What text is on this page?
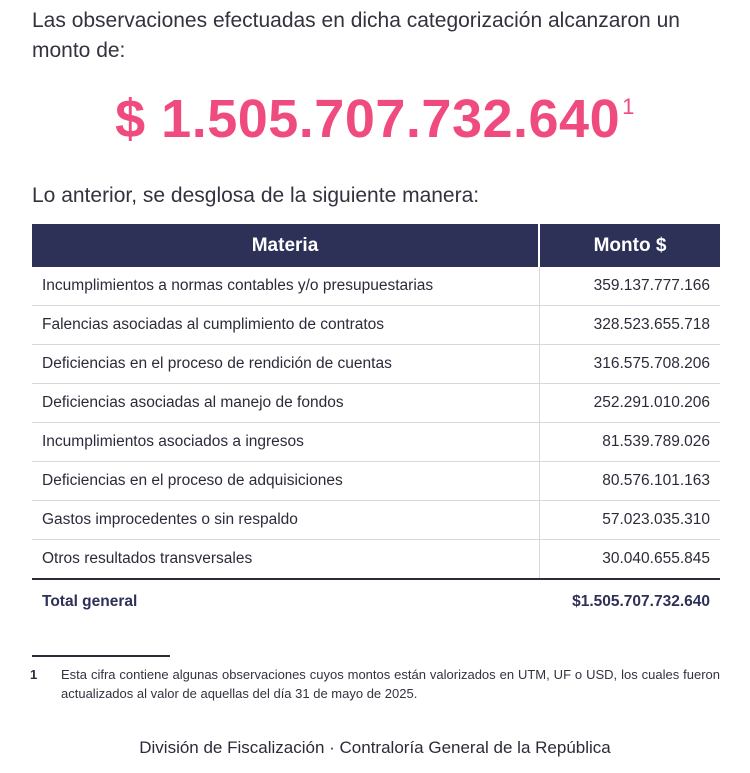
Las observaciones efectuadas en dicha categorización alcanzaron un monto de:

$ 1.505.707.732.640$^1$

Lo anterior, se desglosa de la siguiente manera:

Materia	Monto $
Incumplimientos a normas contables y/o presupuestarias	359.137.777.166
Falencias asociadas al cumplimiento de contratos	328.523.655.718
Deficiencias en el proceso de rendición de cuentas	316.575.708.206
Deficiencias asociadas al manejo de fondos	252.291.010.206
Incumplimientos asociados a ingresos	81.539.789.026
Deficiencias en el proceso de adquisiciones	80.576.101.163
Gastos improcedentes o sin respaldo	57.023.035.310
Otros resultados transversales	30.040.655.845
Total general	$1.505.707.732.640
1 Esta cifra contiene algunas observaciones cuyos montos están valorizados en UTM, UF o USD, los cuales fueron actualizados al valor de aquellas del día 31 de mayo de 2025.

División de Fiscalización · Contraloría General de la República
